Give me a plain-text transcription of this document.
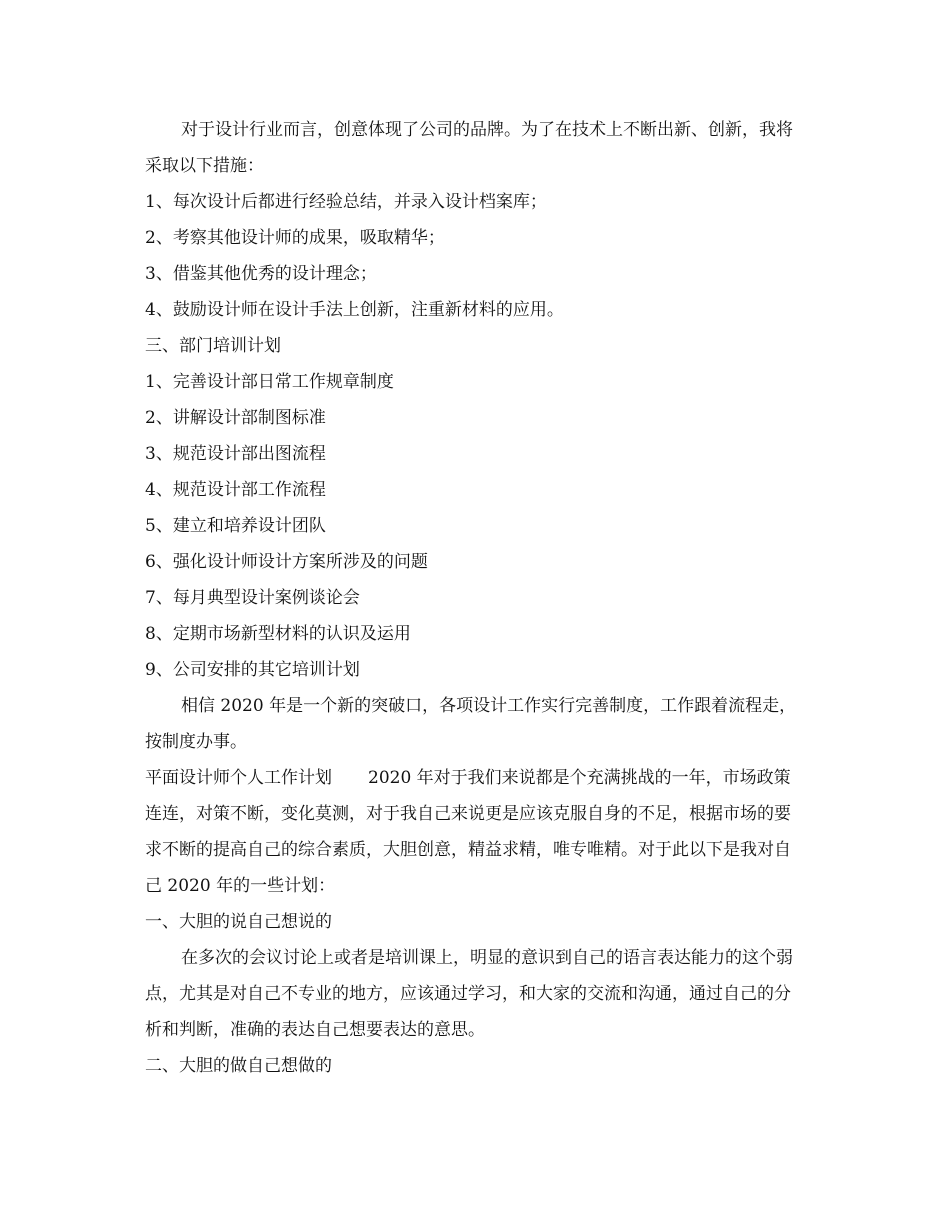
对于设计行业而言，创意体现了公司的品牌。为了在技术上不断出新、创新，我将采取以下措施：

1、每次设计后都进行经验总结，并录入设计档案库；

2、考察其他设计师的成果，吸取精华；

3、借鉴其他优秀的设计理念；

4、鼓励设计师在设计手法上创新，注重新材料的应用。

三、部门培训计划

1、完善设计部日常工作规章制度

2、讲解设计部制图标准

3、规范设计部出图流程

4、规范设计部工作流程

5、建立和培养设计团队

6、强化设计师设计方案所涉及的问题

7、每月典型设计案例谈论会

8、定期市场新型材料的认识及运用

9、公司安排的其它培训计划

相信 2020 年是一个新的突破口，各项设计工作实行完善制度，工作跟着流程走，按制度办事。

平面设计师个人工作计划 2020 年对于我们来说都是个充满挑战的一年，市场政策连连，对策不断，变化莫测，对于我自己来说更是应该克服自身的不足，根据市场的要求不断的提高自己的综合素质，大胆创意，精益求精，唯专唯精。对于此以下是我对自己 2020 年的一些计划：

一、大胆的说自己想说的

在多次的会议讨论上或者是培训课上，明显的意识到自己的语言表达能力的这个弱点，尤其是对自己不专业的地方，应该通过学习，和大家的交流和沟通，通过自己的分析和判断，准确的表达自己想要表达的意思。

二、大胆的做自己想做的
